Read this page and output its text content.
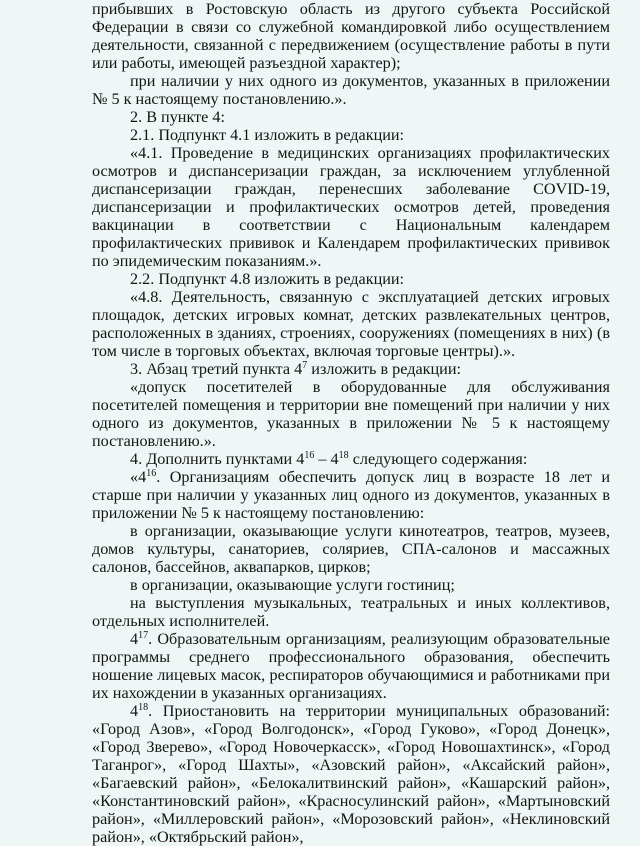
прибывших в Ростовскую область из другого субъекта Российской Федерации в связи со служебной командировкой либо осуществлением деятельности, связанной с передвижением (осуществление работы в пути или работы, имеющей разъездной характер);

при наличии у них одного из документов, указанных в приложении № 5 к настоящему постановлению.».

2. В пункте 4:

2.1. Подпункт 4.1 изложить в редакции:

«4.1. Проведение в медицинских организациях профилактических осмотров и диспансеризации граждан, за исключением углубленной диспансеризации граждан, перенесших заболевание COVID-19, диспансеризации и профилактических осмотров детей, проведения вакцинации в соответствии с Национальным календарем профилактических прививок и Календарем профилактических прививок по эпидемическим показаниям.».

2.2. Подпункт 4.8 изложить в редакции:

«4.8. Деятельность, связанную с эксплуатацией детских игровых площадок, детских игровых комнат, детских развлекательных центров, расположенных в зданиях, строениях, сооружениях (помещениях в них) (в том числе в торговых объектах, включая торговые центры).».

3. Абзац третий пункта $4^7$ изложить в редакции:

«допуск посетителей в оборудованные для обслуживания посетителей помещения и территории вне помещений при наличии у них одного из документов, указанных в приложении № 5 к настоящему постановлению.».

4. Дополнить пунктами $4^{16} - 4^{18}$ следующего содержания:

«$4^{16}$. Организациям обеспечить допуск лиц в возрасте 18 лет и старше при наличии у указанных лиц одного из документов, указанных в приложении № 5 к настоящему постановлению:

в организации, оказывающие услуги кинотеатров, театров, музеев, домов культуры, санаториев, соляриев, СПА-салонов и массажных салонов, бассейнов, аквапарков, цирков;

в организации, оказывающие услуги гостиниц;

на выступления музыкальных, театральных и иных коллективов, отдельных исполнителей.

$4^{17}$. Образовательным организациям, реализующим образовательные программы среднего профессионального образования, обеспечить ношение лицевых масок, респираторов обучающимися и работниками при их нахождении в указанных организациях.

$4^{18}$. Приостановить на территории муниципальных образований: «Город Азов», «Город Волгодонск», «Город Гуково», «Город Донецк», «Город Зверево», «Город Новочеркасск», «Город Новошахтинск», «Город Таганрог», «Город Шахты», «Азовский район», «Аксайский район», «Багаевский район», «Белокалитвинский район», «Кашарский район», «Константиновский район», «Красносулинский район», «Мартыновский район», «Миллеровский район», «Морозовский район», «Неклиновский район», «Октябрьский район»,
